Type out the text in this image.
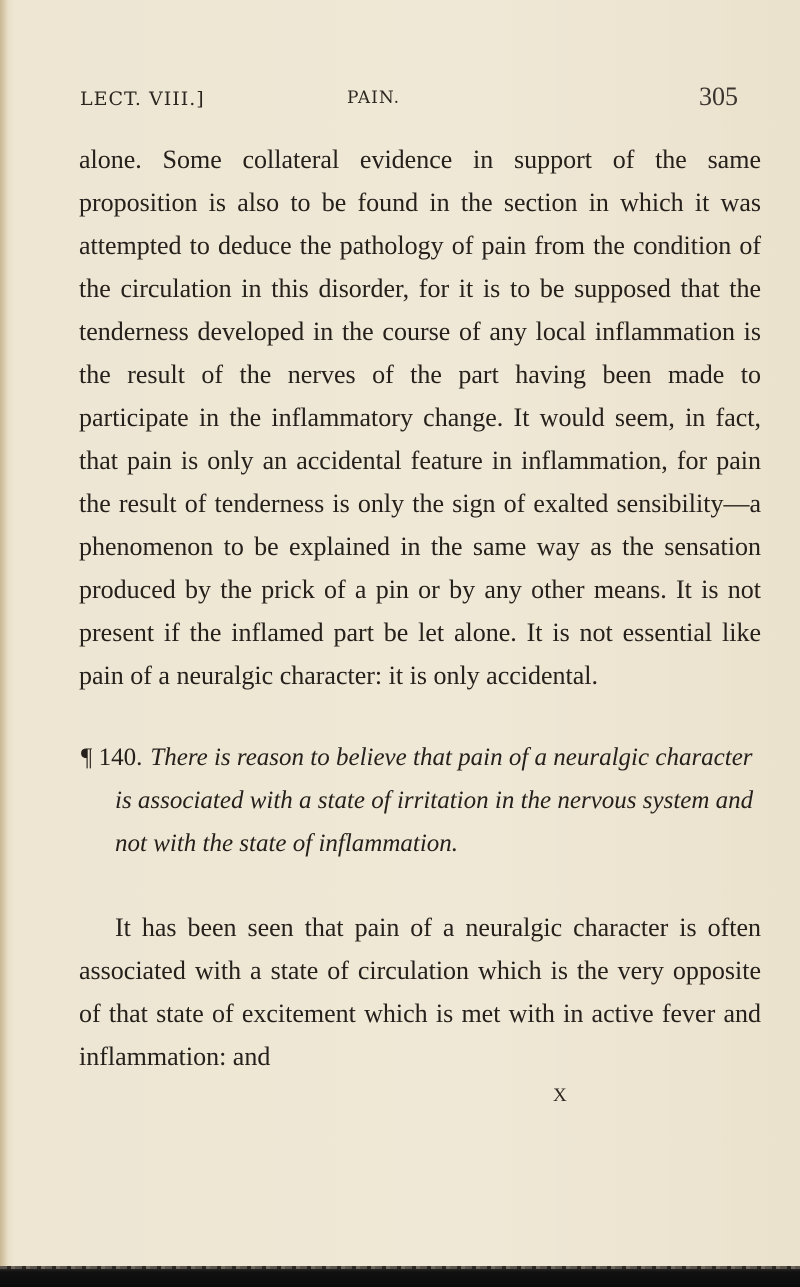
LECT. VIII.]	PAIN.	305

alone. Some collateral evidence in support of the same proposition is also to be found in the section in which it was attempted to deduce the pathology of pain from the condition of the circulation in this disorder, for it is to be supposed that the tenderness developed in the course of any local inflammation is the result of the nerves of the part having been made to participate in the inflammatory change. It would seem, in fact, that pain is only an accidental feature in inflammation, for pain the result of tenderness is only the sign of exalted sensibility—a phenomenon to be explained in the same way as the sensation produced by the prick of a pin or by any other means. It is not present if the inflamed part be let alone. It is not essential like pain of a neuralgic character: it is only accidental.

¶ 140. There is reason to believe that pain of a neuralgic character is associated with a state of irritation in the nervous system and not with the state of inflammation.

It has been seen that pain of a neuralgic character is often associated with a state of circulation which is the very opposite of that state of excitement which is met with in active fever and inflammation: and

X
